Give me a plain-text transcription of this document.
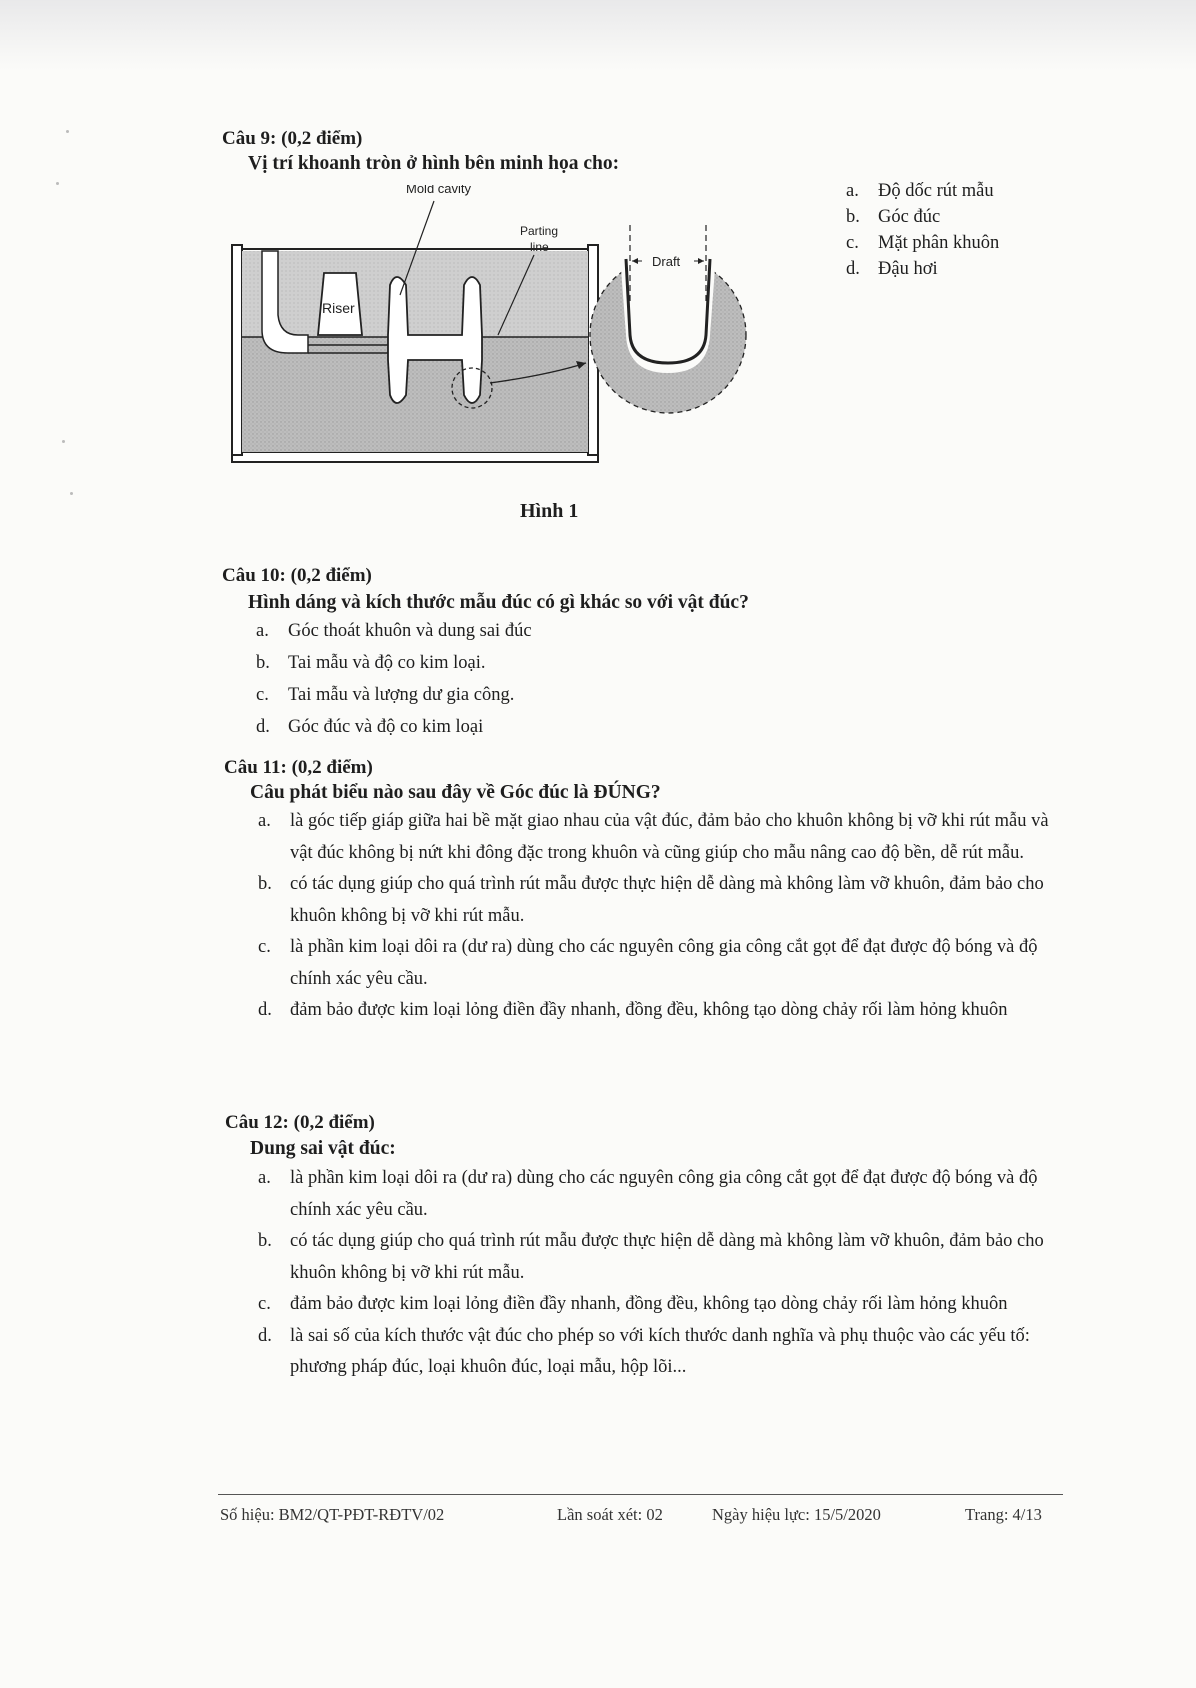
Câu 9: (0,2 điểm)
Vị trí khoanh tròn ở hình bên minh họa cho:
a. Độ dốc rút mẫu
b. Góc đúc
c. Mặt phân khuôn
d. Đậu hơi
Mold cavity
Parting
line
Riser
Draft
Hình 1
Câu 10: (0,2 điểm)
Hình dáng và kích thước mẫu đúc có gì khác so với vật đúc?
a. Góc thoát khuôn và dung sai đúc
b. Tai mẫu và độ co kim loại.
c. Tai mẫu và lượng dư gia công.
d. Góc đúc và độ co kim loại
Câu 11: (0,2 điểm)
Câu phát biểu nào sau đây về Góc đúc là ĐÚNG?
a. là góc tiếp giáp giữa hai bề mặt giao nhau của vật đúc, đảm bảo cho khuôn không bị vỡ khi rút mẫu và vật đúc không bị nứt khi đông đặc trong khuôn và cũng giúp cho mẫu nâng cao độ bền, dễ rút mẫu.
b. có tác dụng giúp cho quá trình rút mẫu được thực hiện dễ dàng mà không làm vỡ khuôn, đảm bảo cho khuôn không bị vỡ khi rút mẫu.
c. là phần kim loại dôi ra (dư ra) dùng cho các nguyên công gia công cắt gọt để đạt được độ bóng và độ chính xác yêu cầu.
d. đảm bảo được kim loại lỏng điền đầy nhanh, đồng đều, không tạo dòng chảy rối làm hỏng khuôn
Câu 12: (0,2 điểm)
Dung sai vật đúc:
a. là phần kim loại dôi ra (dư ra) dùng cho các nguyên công gia công cắt gọt để đạt được độ bóng và độ chính xác yêu cầu.
b. có tác dụng giúp cho quá trình rút mẫu được thực hiện dễ dàng mà không làm vỡ khuôn, đảm bảo cho khuôn không bị vỡ khi rút mẫu.
c. đảm bảo được kim loại lỏng điền đầy nhanh, đồng đều, không tạo dòng chảy rối làm hỏng khuôn
d. là sai số của kích thước vật đúc cho phép so với kích thước danh nghĩa và phụ thuộc vào các yếu tố: phương pháp đúc, loại khuôn đúc, loại mẫu, hộp lõi...
Số hiệu: BM2/QT-PĐT-RĐTV/02	Lần soát xét: 02	Ngày hiệu lực: 15/5/2020	Trang: 4/13
